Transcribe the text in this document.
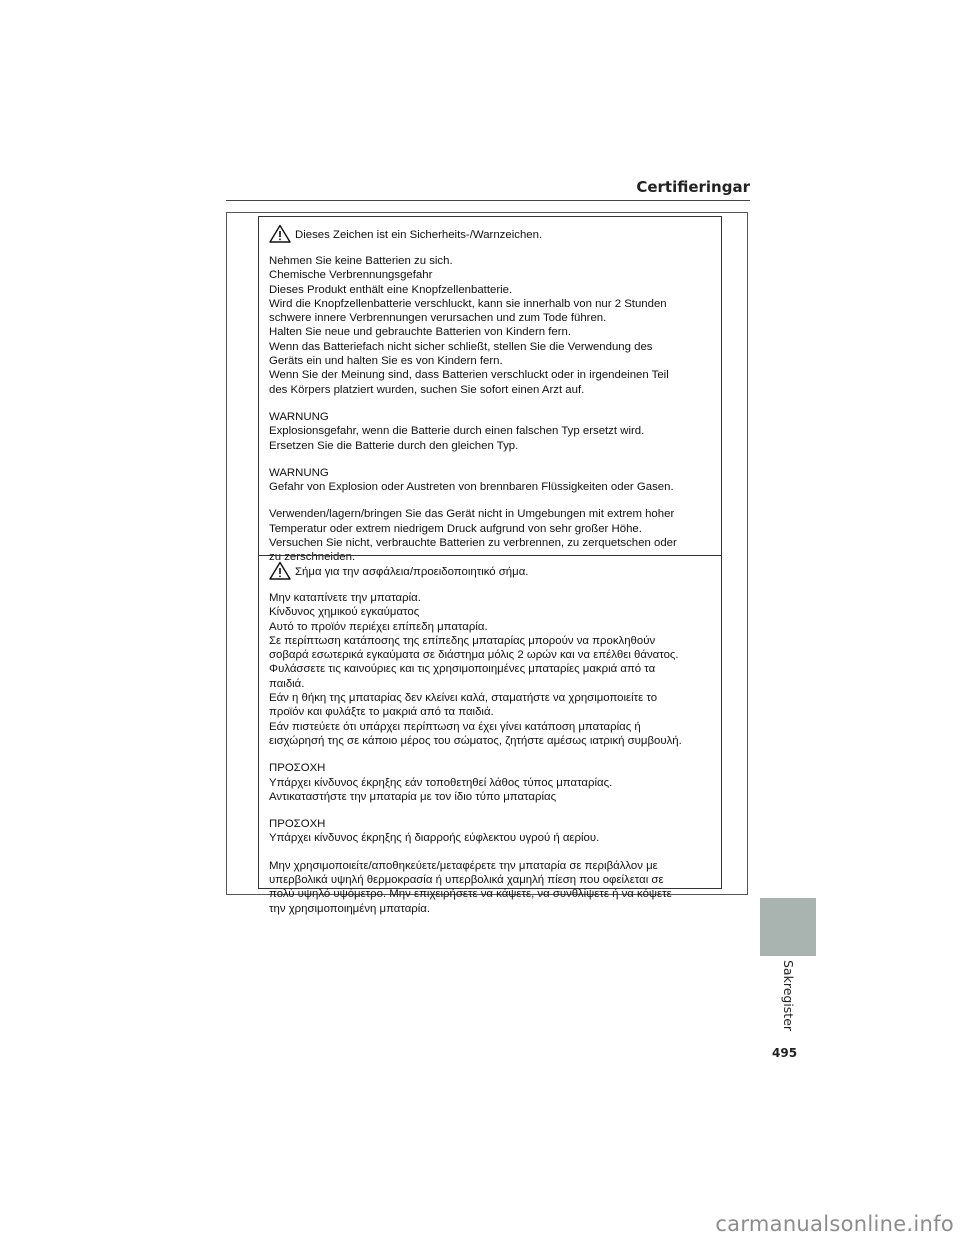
Certifieringar
Dieses Zeichen ist ein Sicherheits-/Warnzeichen.
Nehmen Sie keine Batterien zu sich.
Chemische Verbrennungsgefahr
Dieses Produkt enthält eine Knopfzellenbatterie.
Wird die Knopfzellenbatterie verschluckt, kann sie innerhalb von nur 2 Stunden
schwere innere Verbrennungen verursachen und zum Tode führen.
Halten Sie neue und gebrauchte Batterien von Kindern fern.
Wenn das Batteriefach nicht sicher schließt, stellen Sie die Verwendung des
Geräts ein und halten Sie es von Kindern fern.
Wenn Sie der Meinung sind, dass Batterien verschluckt oder in irgendeinen Teil
des Körpers platziert wurden, suchen Sie sofort einen Arzt auf.
WARNUNG
Explosionsgefahr, wenn die Batterie durch einen falschen Typ ersetzt wird.
Ersetzen Sie die Batterie durch den gleichen Typ.
WARNUNG
Gefahr von Explosion oder Austreten von brennbaren Flüssigkeiten oder Gasen.
Verwenden/lagern/bringen Sie das Gerät nicht in Umgebungen mit extrem hoher
Temperatur oder extrem niedrigem Druck aufgrund von sehr großer Höhe.
Versuchen Sie nicht, verbrauchte Batterien zu verbrennen, zu zerquetschen oder
zu zerschneiden.
Σήμα για την ασφάλεια/προειδοποιητικό σήμα.
Μην καταπίνετε την μπαταρία.
Κίνδυνος χημικού εγκαύματος
Αυτό το προϊόν περιέχει επίπεδη μπαταρία.
Σε περίπτωση κατάποσης της επίπεδης μπαταρίας μπορούν να προκληθούν
σοβαρά εσωτερικά εγκαύματα σε διάστημα μόλις 2 ωρών και να επέλθει θάνατος.
Φυλάσσετε τις καινούριες και τις χρησιμοποιημένες μπαταρίες μακριά από τα
παιδιά.
Εάν η θήκη της μπαταρίας δεν κλείνει καλά, σταματήστε να χρησιμοποιείτε το
προϊόν και φυλάξτε το μακριά από τα παιδιά.
Εάν πιστεύετε ότι υπάρχει περίπτωση να έχει γίνει κατάποση μπαταρίας ή
εισχώρησή της σε κάποιο μέρος του σώματος, ζητήστε αμέσως ιατρική συμβουλή.
ΠΡΟΣΟΧΗ
Υπάρχει κίνδυνος έκρηξης εάν τοποθετηθεί λάθος τύπος μπαταρίας.
Αντικαταστήστε την μπαταρία με τον ίδιο τύπο μπαταρίας
ΠΡΟΣΟΧΗ
Υπάρχει κίνδυνος έκρηξης ή διαρροής εύφλεκτου υγρού ή αερίου.
Μην χρησιμοποιείτε/αποθηκεύετε/μεταφέρετε την μπαταρία σε περιβάλλον με
υπερβολικά υψηλή θερμοκρασία ή υπερβολικά χαμηλή πίεση που οφείλεται σε
πολύ υψηλό υψόμετρο. Μην επιχειρήσετε να κάψετε, να συνθλίψετε ή να κόψετε
την χρησιμοποιημένη μπαταρία.
Sakregister
495
carmanualsonline.info
